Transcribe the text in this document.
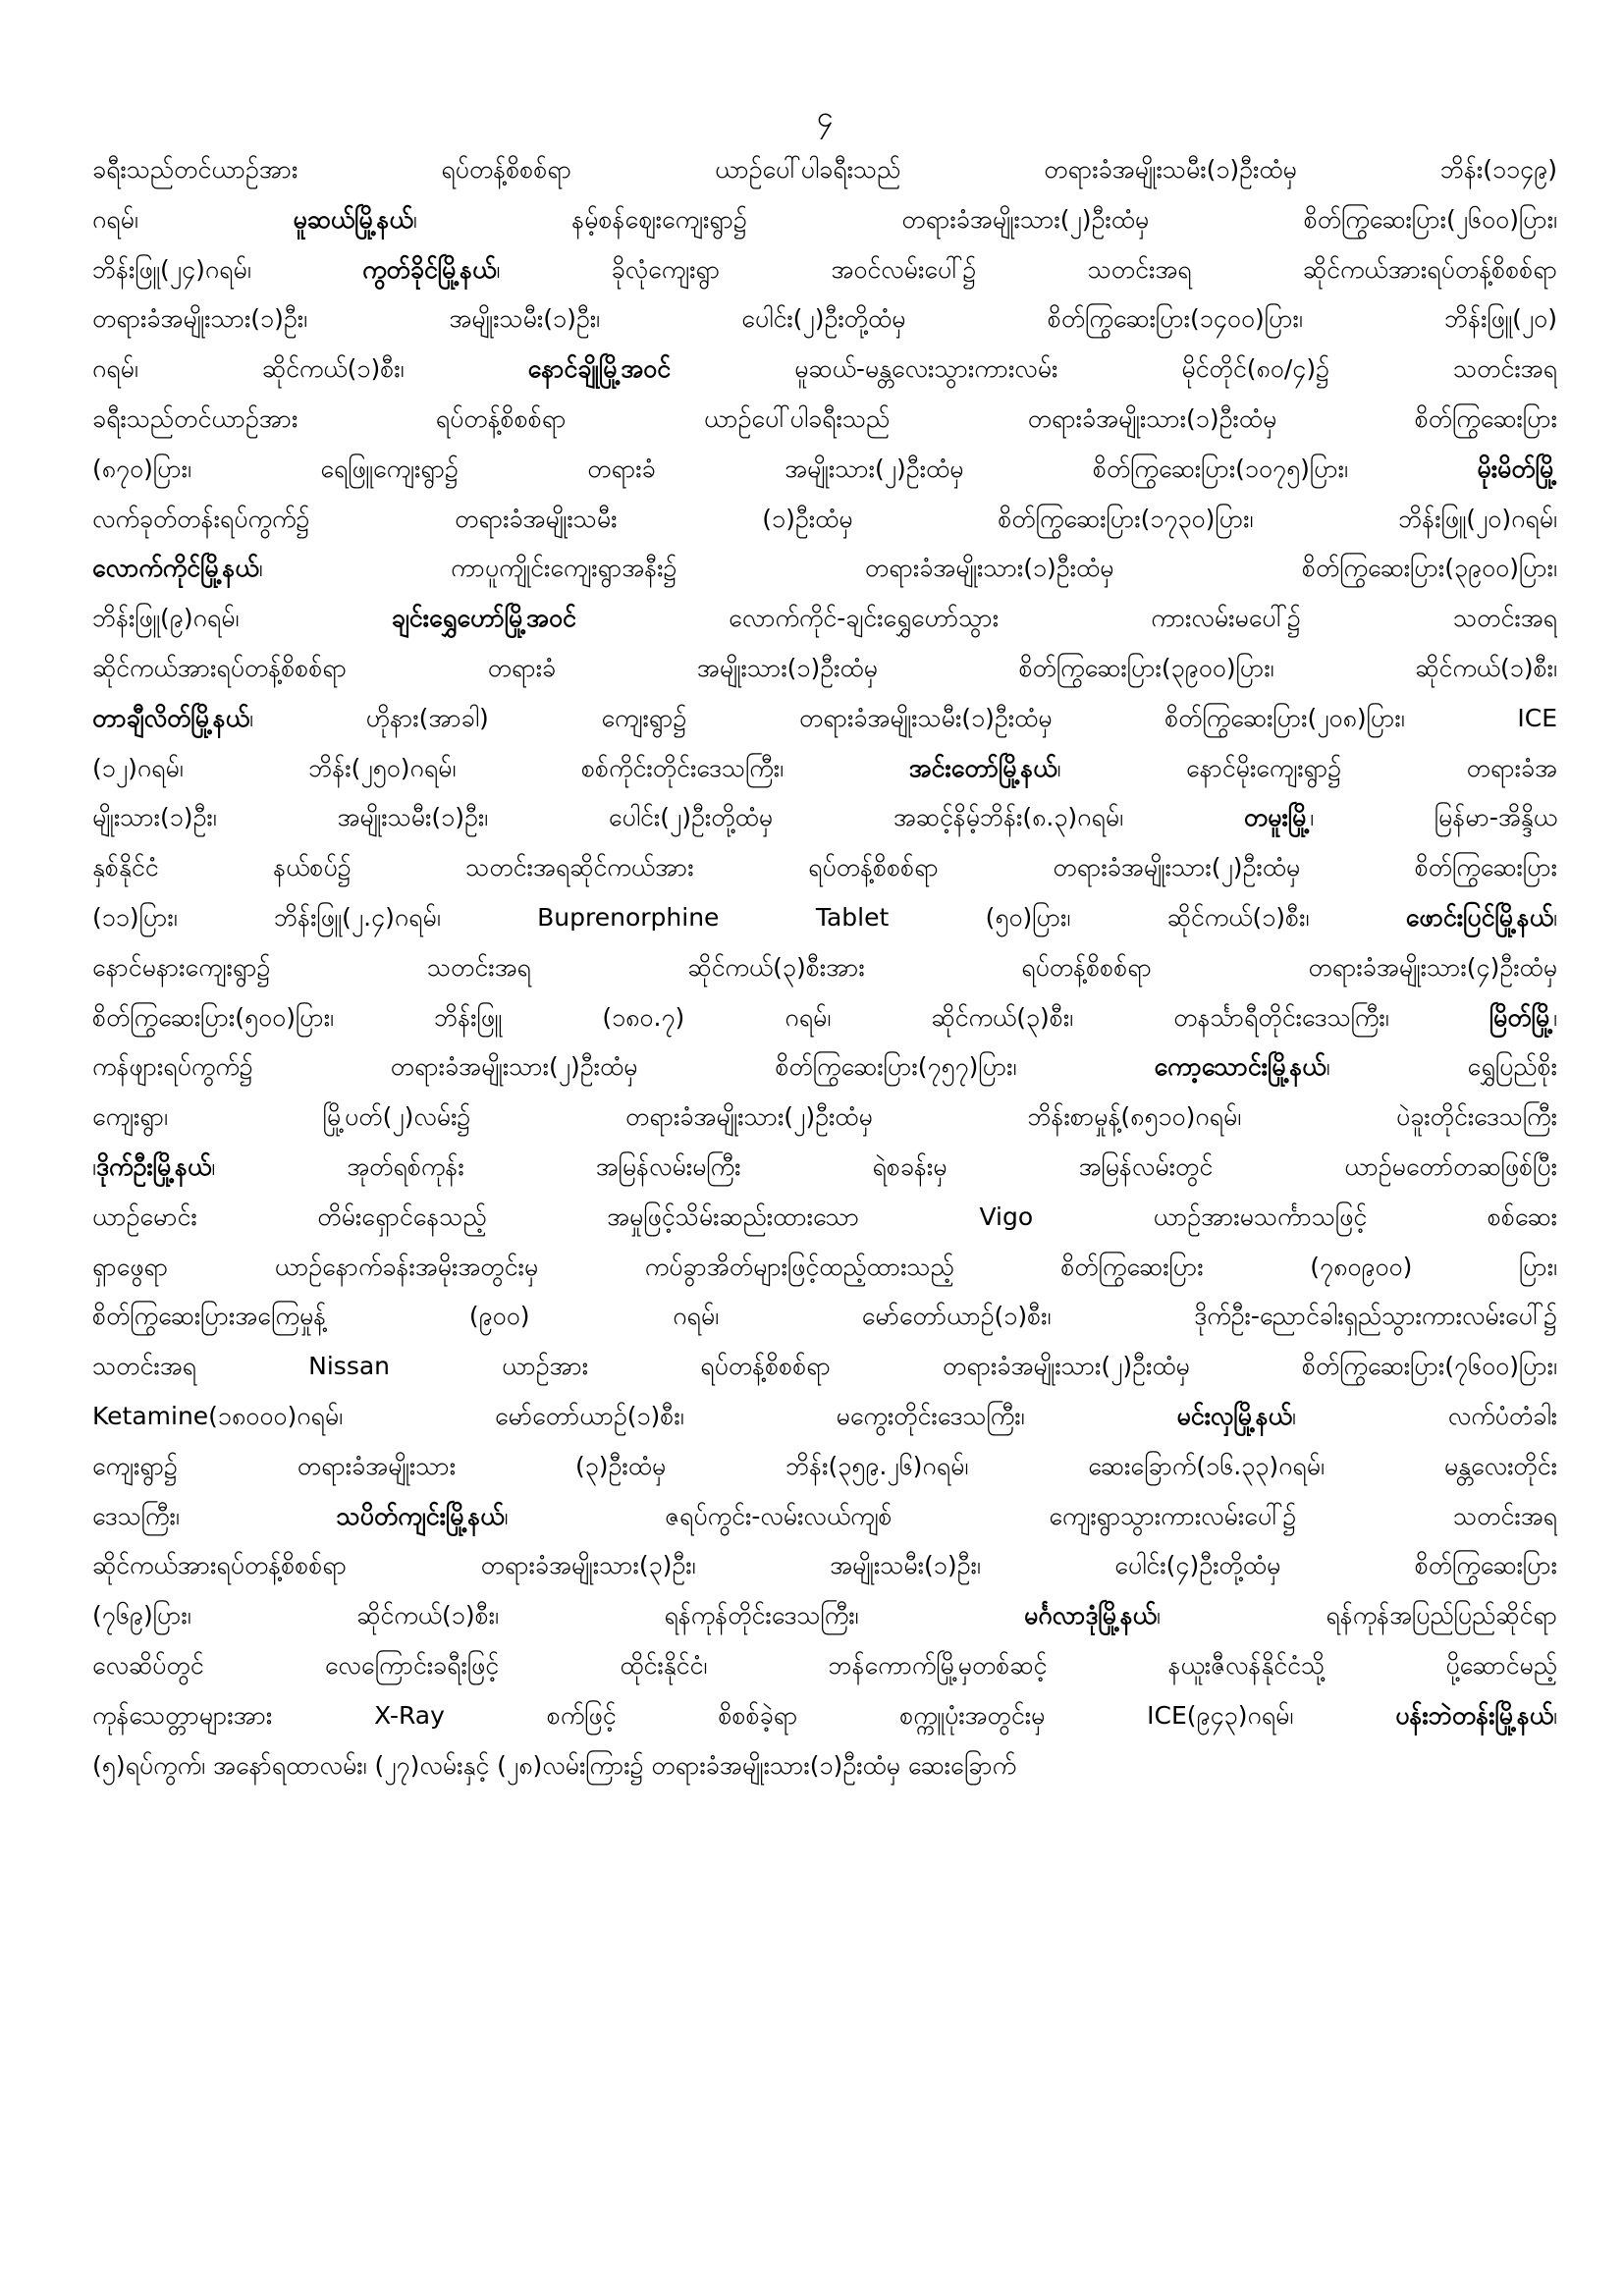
၄
ခရီးသည်တင်ယာဉ်အား ရပ်တန့်စိစစ်ရာ ယာဉ်ပေါ်ပါခရီးသည် တရားခံအမျိုးသမီး(၁)ဦးထံမှ ဘိန်း(၁၁၄၉)
ဂရမ်၊ မူဆယ်မြို့နယ်၊ နမ့်စန်ဈေးကျေးရွာ၌ တရားခံအမျိုးသား(၂)ဦးထံမှ စိတ်ကြွဆေးပြား(၂၆၀၀)ပြား၊
ဘိန်းဖြူ(၂၄)ဂရမ်၊ ကွတ်ခိုင်မြို့နယ်၊ ခိုလုံကျေးရွာ အဝင်လမ်းပေါ်၌ သတင်းအရ ဆိုင်ကယ်အားရပ်တန့်စိစစ်ရာ
တရားခံအမျိုးသား(၁)ဦး၊ အမျိုးသမီး(၁)ဦး၊ ပေါင်း(၂)ဦးတို့ထံမှ စိတ်ကြွဆေးပြား(၁၄၀၀)ပြား၊ ဘိန်းဖြူ(၂၀)
ဂရမ်၊ ဆိုင်ကယ်(၁)စီး၊ နောင်ချိုမြို့အဝင် မူဆယ်-မန္တလေးသွားကားလမ်း မိုင်တိုင်(၈၀/၄)၌ သတင်းအရ
ခရီးသည်တင်ယာဉ်အား ရပ်တန့်စိစစ်ရာ ယာဉ်ပေါ်ပါခရီးသည် တရားခံအမျိုးသား(၁)ဦးထံမှ စိတ်ကြွဆေးပြား
(၈၇၀)ပြား၊ ရေဖြူကျေးရွာ၌ တရားခံ အမျိုးသား(၂)ဦးထံမှ စိတ်ကြွဆေးပြား(၁၀၇၅)ပြား၊ မိုးမိတ်မြို့
လက်ခုတ်တန်းရပ်ကွက်၌ တရားခံအမျိုးသမီး (၁)ဦးထံမှ စိတ်ကြွဆေးပြား(၁၇၃၀)ပြား၊ ဘိန်းဖြူ(၂၀)ဂရမ်၊
လောက်ကိုင်မြို့နယ်၊ ကာပူကျိုင်းကျေးရွာအနီး၌ တရားခံအမျိုးသား(၁)ဦးထံမှ စိတ်ကြွဆေးပြား(၃၉၀၀)ပြား၊
ဘိန်းဖြူ(၉)ဂရမ်၊ ချင်းရွှေဟော်မြို့အဝင် လောက်ကိုင်-ချင်းရွှေဟော်သွား ကားလမ်းမပေါ်၌ သတင်းအရ
ဆိုင်ကယ်အားရပ်တန့်စိစစ်ရာ တရားခံ အမျိုးသား(၁)ဦးထံမှ စိတ်ကြွဆေးပြား(၃၉၀၀)ပြား၊ ဆိုင်ကယ်(၁)စီး၊
တာချီလိတ်မြို့နယ်၊ ဟိုနား(အာခါ) ကျေးရွာ၌ တရားခံအမျိုးသမီး(၁)ဦးထံမှ စိတ်ကြွဆေးပြား(၂၀၈)ပြား၊ ICE
(၁၂)ဂရမ်၊ ဘိန်း(၂၅၀)ဂရမ်၊ စစ်ကိုင်းတိုင်းဒေသကြီး၊ အင်းတော်မြို့နယ်၊ နောင်မိုးကျေးရွာ၌ တရားခံအ
မျိုးသား(၁)ဦး၊ အမျိုးသမီး(၁)ဦး၊ ပေါင်း(၂)ဦးတို့ထံမှ အဆင့်နိမ့်ဘိန်း(၈.၃)ဂရမ်၊ တမူးမြို့၊ မြန်မာ-အိန္ဒိယ
နှစ်နိုင်ငံ နယ်စပ်၌ သတင်းအရဆိုင်ကယ်အား ရပ်တန့်စိစစ်ရာ တရားခံအမျိုးသား(၂)ဦးထံမှ စိတ်ကြွဆေးပြား
(၁၁)ပြား၊ ဘိန်းဖြူ(၂.၄)ဂရမ်၊ Buprenorphine Tablet (၅၀)ပြား၊ ဆိုင်ကယ်(၁)စီး၊ ဖောင်းပြင်မြို့နယ်၊
နောင်မနားကျေးရွာ၌ သတင်းအရ ဆိုင်ကယ်(၃)စီးအား ရပ်တန့်စိစစ်ရာ တရားခံအမျိုးသား(၄)ဦးထံမှ
စိတ်ကြွဆေးပြား(၅၀၀)ပြား၊ ဘိန်းဖြူ (၁၈၀.၇) ဂရမ်၊ ဆိုင်ကယ်(၃)စီး၊ တနင်္သာရီတိုင်းဒေသကြီး၊ မြိတ်မြို့၊
ကန်ဖျားရပ်ကွက်၌ တရားခံအမျိုးသား(၂)ဦးထံမှ စိတ်ကြွဆေးပြား(၇၅၇)ပြား၊ ကော့သောင်းမြို့နယ်၊ ရွှေပြည်စိုး
ကျေးရွာ၊ မြို့ပတ်(၂)လမ်း၌ တရားခံအမျိုးသား(၂)ဦးထံမှ ဘိန်းစာမှုန့်(၈၅၁၀)ဂရမ်၊ ပဲခူးတိုင်းဒေသကြီး
၊ဒိုက်ဦးမြို့နယ်၊ အုတ်ရစ်ကုန်း အမြန်လမ်းမကြီး ရဲစခန်းမှ အမြန်လမ်းတွင် ယာဉ်မတော်တဆဖြစ်ပြီး
ယာဉ်မောင်း တိမ်းရှောင်နေသည့် အမှုဖြင့်သိမ်းဆည်းထားသော Vigo ယာဉ်အားမသင်္ကာသဖြင့် စစ်ဆေး
ရှာဖွေရာ ယာဉ်နောက်ခန်းအမိုးအတွင်းမှ ကပ်ခွာအိတ်များဖြင့်ထည့်ထားသည့် စိတ်ကြွဆေးပြား (၇၈၀၉၀၀) ပြား၊
စိတ်ကြွဆေးပြားအကြေမှုန့် (၉၀၀) ဂရမ်၊ မော်တော်ယာဉ်(၁)စီး၊ ဒိုက်ဦး-ညောင်ခါးရှည်သွားကားလမ်းပေါ်၌
သတင်းအရ Nissan ယာဉ်အား ရပ်တန့်စိစစ်ရာ တရားခံအမျိုးသား(၂)ဦးထံမှ စိတ်ကြွဆေးပြား(၇၆၀၀)ပြား၊
Ketamine(၁၈၀၀၀)ဂရမ်၊ မော်တော်ယာဉ်(၁)စီး၊ မကွေးတိုင်းဒေသကြီး၊ မင်းလှမြို့နယ်၊ လက်ပံတံခါး
ကျေးရွာ၌ တရားခံအမျိုးသား (၃)ဦးထံမှ ဘိန်း(၃၅၉.၂၆)ဂရမ်၊ ဆေးခြောက်(၁၆.၃၃)ဂရမ်၊ မန္တလေးတိုင်း
ဒေသကြီး၊ သပိတ်ကျင်းမြို့နယ်၊ ဇရပ်ကွင်း-လမ်းလယ်ကျစ် ကျေးရွာသွားကားလမ်းပေါ်၌ သတင်းအရ
ဆိုင်ကယ်အားရပ်တန့်စိစစ်ရာ တရားခံအမျိုးသား(၃)ဦး၊ အမျိုးသမီး(၁)ဦး၊ ပေါင်း(၄)ဦးတို့ထံမှ စိတ်ကြွဆေးပြား
(၇၆၉)ပြား၊ ဆိုင်ကယ်(၁)စီး၊ ရန်ကုန်တိုင်းဒေသကြီး၊ မင်္ဂလာဒုံမြို့နယ်၊ ရန်ကုန်အပြည်ပြည်ဆိုင်ရာ
လေဆိပ်တွင် လေကြောင်းခရီးဖြင့် ထိုင်းနိုင်ငံ၊ ဘန်ကောက်မြို့မှတစ်ဆင့် နယူးဇီလန်နိုင်ငံသို့ ပို့ဆောင်မည့်
ကုန်သေတ္တာများအား X-Ray စက်ဖြင့် စိစစ်ခဲ့ရာ စက္ကူပုံးအတွင်းမှ ICE(၉၄၃)ဂရမ်၊ ပန်းဘဲတန်းမြို့နယ်၊
(၅)ရပ်ကွက်၊ အနော်ရထာလမ်း၊ (၂၇)လမ်းနှင့် (၂၈)လမ်းကြား၌ တရားခံအမျိုးသား(၁)ဦးထံမှ ဆေးခြောက်
